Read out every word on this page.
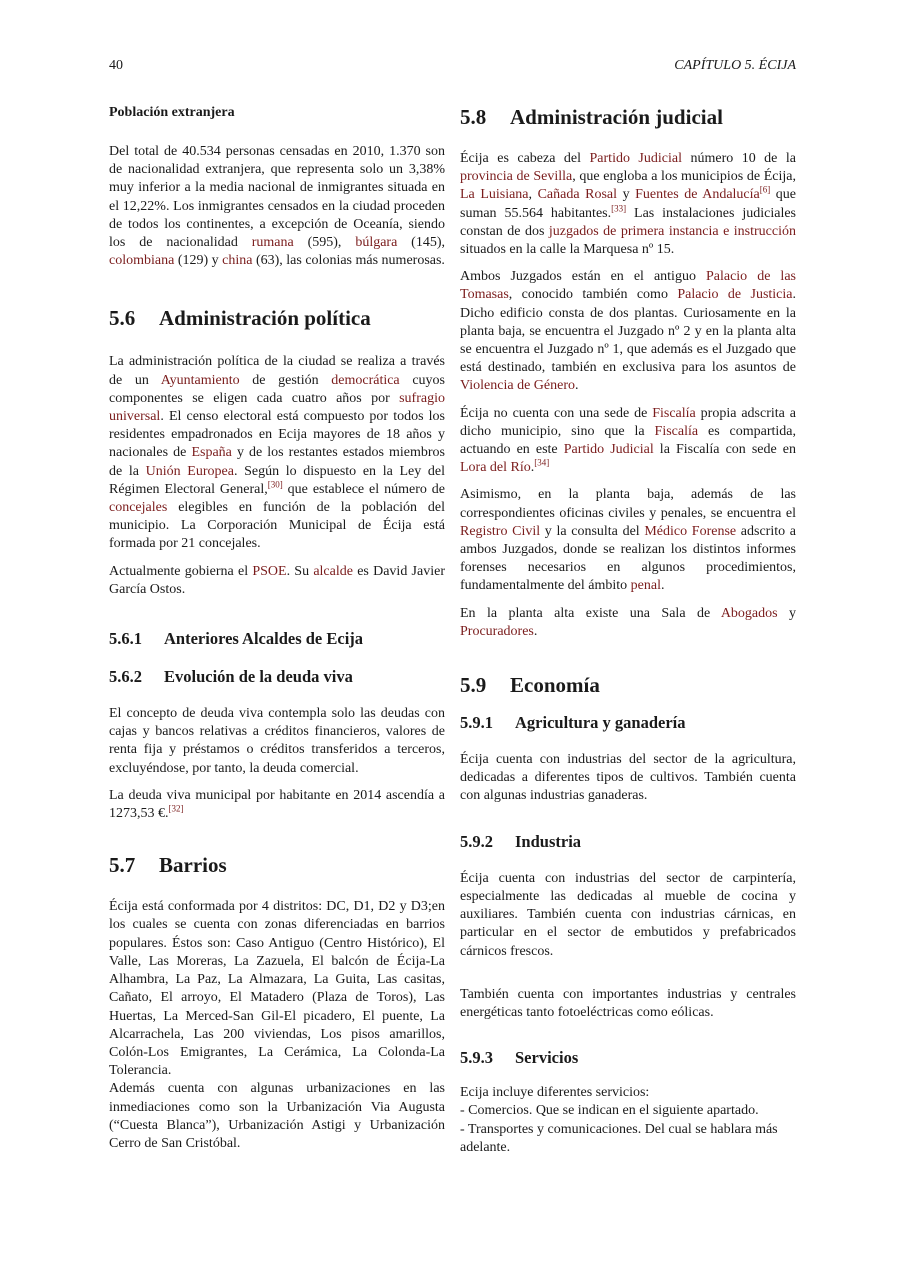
40	CAPÍTULO 5. ÉCIJA
Población extranjera

Del total de 40.534 personas censadas en 2010, 1.370 son de nacionalidad extranjera, que representa solo un 3,38% muy inferior a la media nacional de inmigrantes situada en el 12,22%. Los inmigrantes censados en la ciudad proceden de todos los continentes, a excepción de Oceanía, siendo los de nacionalidad rumana (595), búlgara (145), colombiana (129) y china (63), las colonias más numerosas.

5.6	Administración política

La administración política de la ciudad se realiza a través de un Ayuntamiento de gestión democrática cuyos componentes se eligen cada cuatro años por sufragio universal. El censo electoral está compuesto por todos los residentes empadronados en Ecija mayores de 18 años y nacionales de España y de los restantes estados miembros de la Unión Europea. Según lo dispuesto en la Ley del Régimen Electoral General,[30] que establece el número de concejales elegibles en función de la población del municipio. La Corporación Municipal de Écija está formada por 21 concejales.

Actualmente gobierna el PSOE. Su alcalde es David Javier García Ostos.

5.6.1	Anteriores Alcaldes de Ecija
5.6.2	Evolución de la deuda viva

El concepto de deuda viva contempla solo las deudas con cajas y bancos relativas a créditos financieros, valores de renta fija y préstamos o créditos transferidos a terceros, excluyéndose, por tanto, la deuda comercial.

La deuda viva municipal por habitante en 2014 ascendía a 1273,53 €.[32]

5.7	Barrios

Écija está conformada por 4 distritos: DC, D1, D2 y D3;en los cuales se cuenta con zonas diferenciadas en barrios populares. Éstos son: Caso Antiguo (Centro Histórico), El Valle, Las Moreras, La Zazuela, El balcón de Écija-La Alhambra, La Paz, La Almazara, La Guita, Las casitas, Cañato, El arroyo, El Matadero (Plaza de Toros), Las Huertas, La Merced-San Gil-El picadero, El puente, La Alcarrachela, Las 200 viviendas, Los pisos amarillos, Colón-Los Emigrantes, La Cerámica, La Colonda-La Tolerancia.

Además cuenta con algunas urbanizaciones en las inmediaciones como son la Urbanización Via Augusta (“Cuesta Blanca”), Urbanización Astigi y Urbanización Cerro de San Cristóbal.

5.8	Administración judicial

Écija es cabeza del Partido Judicial número 10 de la provincia de Sevilla, que engloba a los municipios de Écija, La Luisiana, Cañada Rosal y Fuentes de Andalucía[6] que suman 55.564 habitantes.[33] Las instalaciones judiciales constan de dos juzgados de primera instancia e instrucción situados en la calle la Marquesa nº 15.

Ambos Juzgados están en el antiguo Palacio de las Tomasas, conocido también como Palacio de Justicia. Dicho edificio consta de dos plantas. Curiosamente en la planta baja, se encuentra el Juzgado nº 2 y en la planta alta se encuentra el Juzgado nº 1, que además es el Juzgado que está destinado, también en exclusiva para los asuntos de Violencia de Género.

Écija no cuenta con una sede de Fiscalía propia adscrita a dicho municipio, sino que la Fiscalía es compartida, actuando en este Partido Judicial la Fiscalía con sede en Lora del Río.[34]

Asimismo, en la planta baja, además de las correspondientes oficinas civiles y penales, se encuentra el Registro Civil y la consulta del Médico Forense adscrito a ambos Juzgados, donde se realizan los distintos informes forenses necesarios en algunos procedimientos, fundamentalmente del ámbito penal.

En la planta alta existe una Sala de Abogados y Procuradores.

5.9	Economía
5.9.1	Agricultura y ganadería

Écija cuenta con industrias del sector de la agricultura, dedicadas a diferentes tipos de cultivos. También cuenta con algunas industrias ganaderas.

5.9.2	Industria

Écija cuenta con industrias del sector de carpintería, especialmente las dedicadas al mueble de cocina y auxiliares. También cuenta con industrias cárnicas, en particular en el sector de embutidos y prefabricados cárnicos frescos.

También cuenta con importantes industrias y centrales energéticas tanto fotoeléctricas como eólicas.

5.9.3	Servicios
Ecija incluye diferentes servicios:
- Comercios. Que se indican en el siguiente apartado.
- Transportes y comunicaciones. Del cual se hablara más adelante.
